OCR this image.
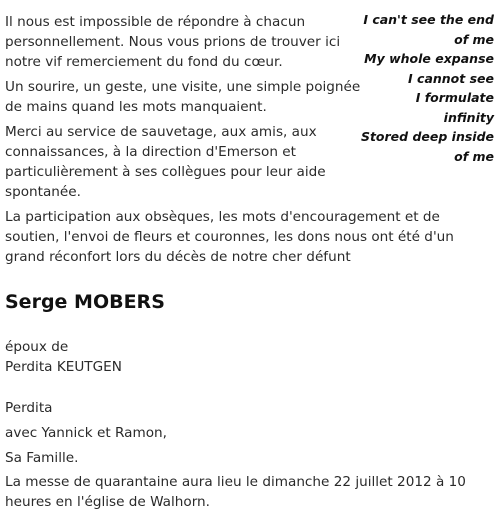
I can't see the end
of me
My whole expanse
I cannot see
I formulate
infinity
Stored deep inside
of me

Il nous est impossible de répondre à chacun personnellement. Nous vous prions de trouver ici notre vif remerciement du fond du cœur.

Un sourire, un geste, une visite, une simple poignée de mains quand les mots manquaient.

Merci au service de sauvetage, aux amis, aux connaissances, à la direction d'Emerson et particulièrement à ses collègues pour leur aide spontanée.

La participation aux obsèques, les mots d'encouragement et de soutien, l'envoi de fleurs et couronnes, les dons nous ont été d'un grand réconfort lors du décès de notre cher défunt

Serge MOBERS
époux de
Perdita KEUTGEN
Perdita
avec Yannick et Ramon,
Sa Famille.
La messe de quarantaine aura lieu le dimanche 22 juillet 2012 à 10 heures en l'église de Walhorn.
